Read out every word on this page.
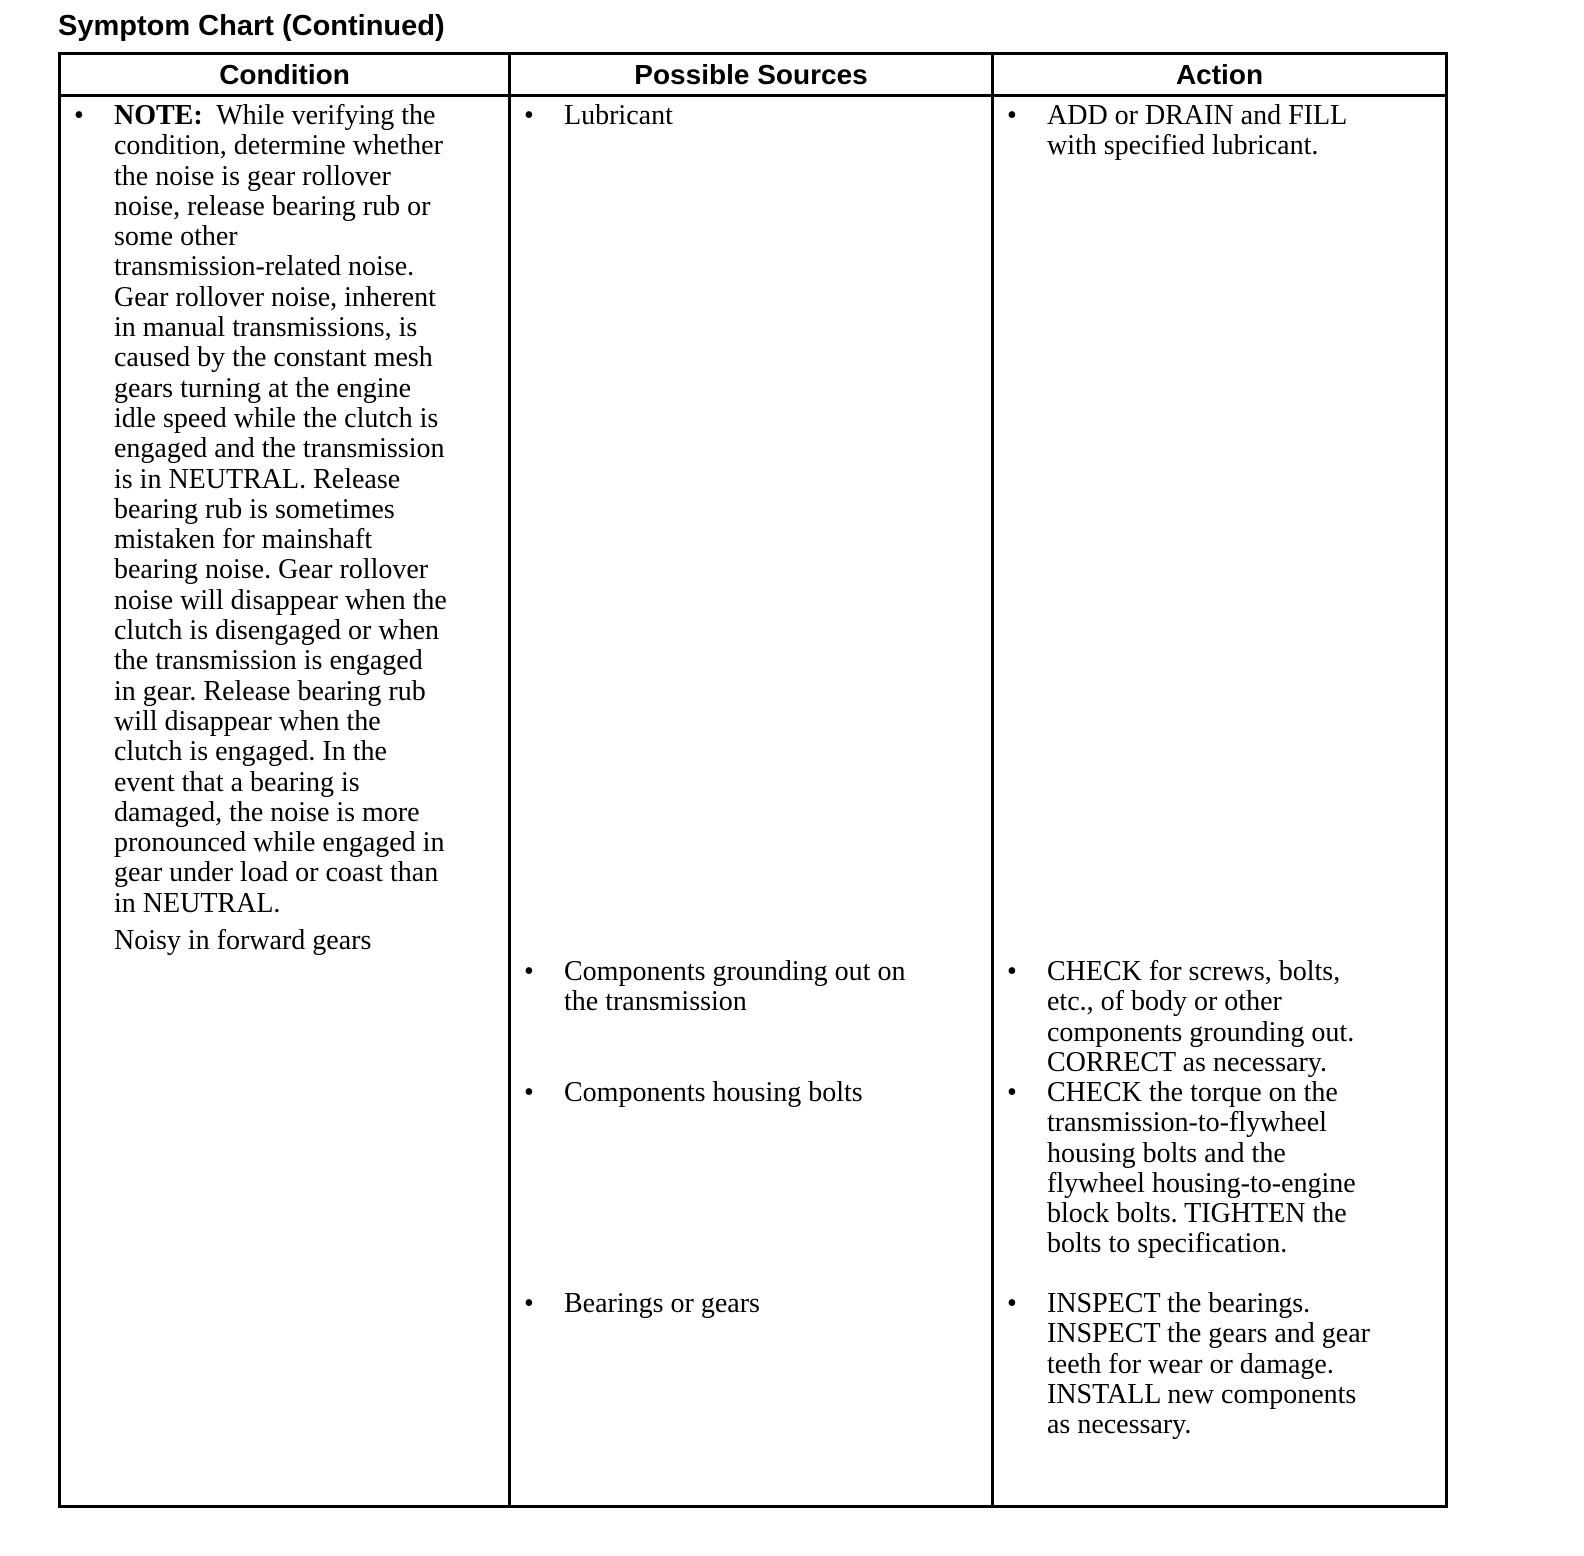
Symptom Chart (Continued)
Condition	Possible Sources	Action
• NOTE: While verifying the
condition, determine whether
the noise is gear rollover
noise, release bearing rub or
some other
transmission-related noise.
Gear rollover noise, inherent
in manual transmissions, is
caused by the constant mesh
gears turning at the engine
idle speed while the clutch is
engaged and the transmission
is in NEUTRAL. Release
bearing rub is sometimes
mistaken for mainshaft
bearing noise. Gear rollover
noise will disappear when the
clutch is disengaged or when
the transmission is engaged
in gear. Release bearing rub
will disappear when the
clutch is engaged. In the
event that a bearing is
damaged, the noise is more
pronounced while engaged in
gear under load or coast than
in NEUTRAL.
Noisy in forward gears
• Lubricant
• Components grounding out on
the transmission
• Components housing bolts
• Bearings or gears
• ADD or DRAIN and FILL
with specified lubricant.
• CHECK for screws, bolts,
etc., of body or other
components grounding out.
CORRECT as necessary.
• CHECK the torque on the
transmission-to-flywheel
housing bolts and the
flywheel housing-to-engine
block bolts. TIGHTEN the
bolts to specification.
• INSPECT the bearings.
INSPECT the gears and gear
teeth for wear or damage.
INSTALL new components
as necessary.
